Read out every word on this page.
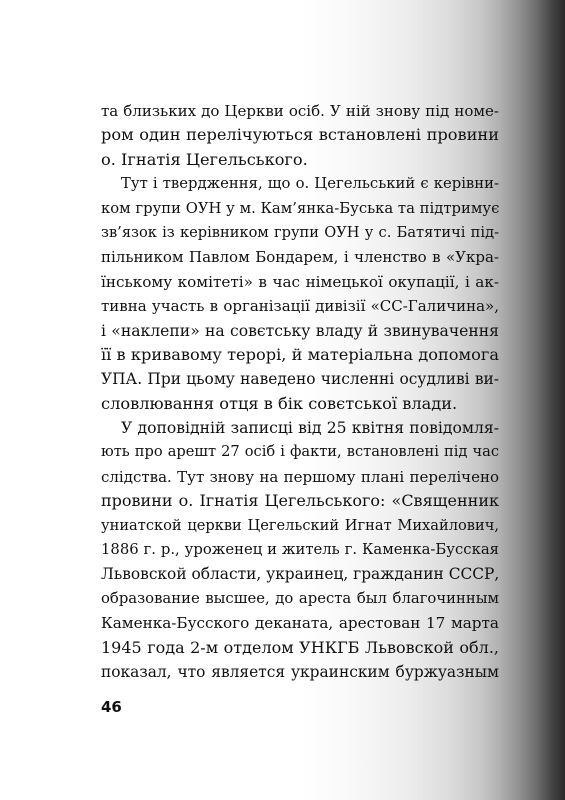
та близьких до Церкви осіб. У ній знову під номе-
ром один перелічуються встановлені провини
о. Ігнатія Цегельського.
Тут і твердження, що о. Цегельський є керівни-
ком групи ОУН у м. Кам’янка-Буська та підтримує
зв’язок із керівником групи ОУН у с. Батятичі під-
пільником Павлом Бондарем, і членство в «Укра-
їнському комітеті» в час німецької окупації, і ак-
тивна участь в організації дивізії «СС-Галичина»,
і «наклепи» на совєтську владу й звинувачення
її в кривавому терорі, й матеріальна допомога
УПА. При цьому наведено численні осудливі ви-
словлювання отця в бік совєтської влади.
У доповідній записці від 25 квітня повідомля-
ють про арешт 27 осіб і факти, встановлені під час
слідства. Тут знову на першому плані перелічено
провини о. Ігнатія Цегельського: «Священник
униатской церкви Цегельский Игнат Михайлович,
1886 г. р., уроженец и житель г. Каменка-Бусская
Львовской области, украинец, гражданин СССР,
образование высшее, до ареста был благочинным
Каменка-Бусского деканата, арестован 17 марта
1945 года 2-м отделом УНКГБ Львовской обл.,
показал, что является украинским буржуазным
46
